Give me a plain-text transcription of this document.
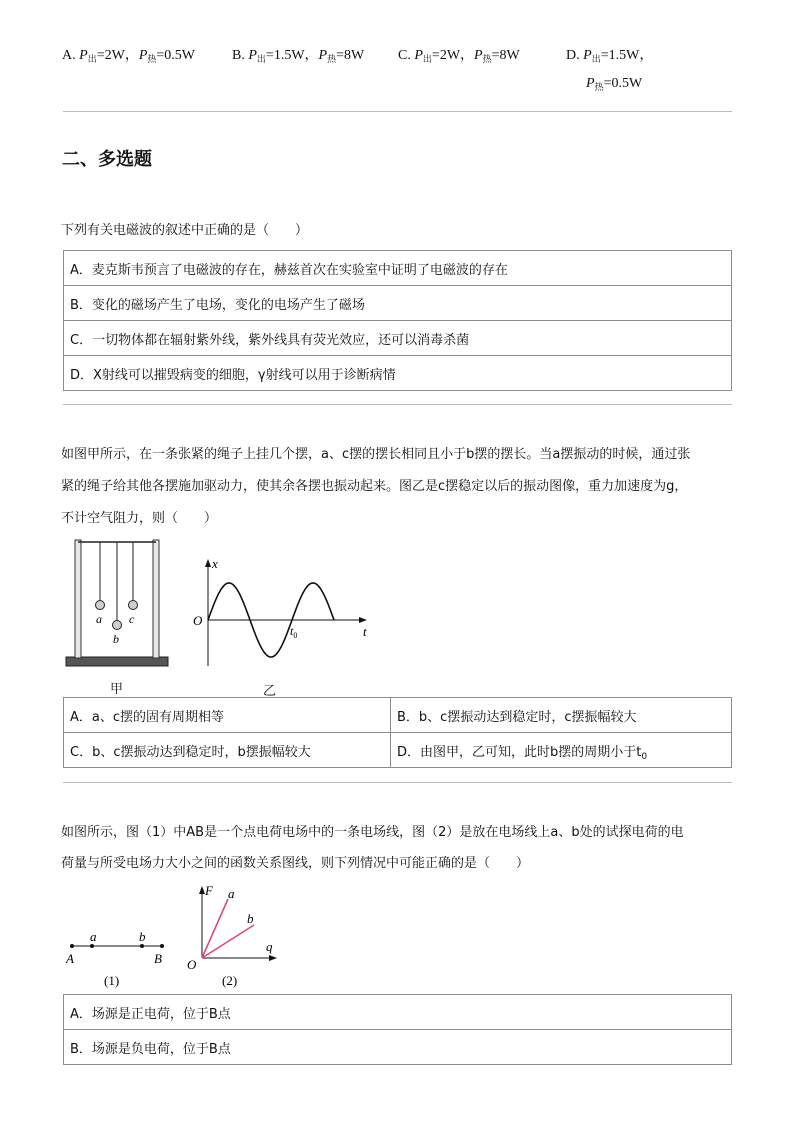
A. $P_出=2W$，$P_热=0.5W$	B. $P_出=1.5W$，$P_热=8W$ C. $P_出=2W$，$P_热=8W$	D. $P_出=1.5W$，
$P_热=0.5W$
二、多选题
下列有关电磁波的叙述中正确的是（　　）
A．麦克斯韦预言了电磁波的存在，赫兹首次在实验室中证明了电磁波的存在
B．变化的磁场产生了电场，变化的电场产生了磁场
C．一切物体都在辐射紫外线，紫外线具有荧光效应，还可以消毒杀菌
D．X射线可以摧毁病变的细胞，γ射线可以用于诊断病情
如图甲所示，在一条张紧的绳子上挂几个摆，a、c摆的摆长相同且小于b摆的摆长。当a摆振动的时候，通过张
紧的绳子给其他各摆施加驱动力，使其余各摆也振动起来。图乙是c摆稳定以后的振动图像，重力加速度为g，
不计空气阻力，则（　　）
a
b
c
甲
x
t
O
$t_0$
乙
A．a、c摆的固有周期相等	B．b、c摆振动达到稳定时，c摆振幅较大
C．b、c摆振动达到稳定时，b摆振幅较大	D．由图甲，乙可知，此时b摆的周期小于$t_0$
如图所示，图（1）中AB是一个点电荷电场中的一条电场线，图（2）是放在电场线上a、b处的试探电荷的电
荷量与所受电场力大小之间的函数关系图线，则下列情况中可能正确的是（　　）
a	b
A	B
(1)
F
q
O
a
b
(2)
A．场源是正电荷，位于B点
B．场源是负电荷，位于B点
